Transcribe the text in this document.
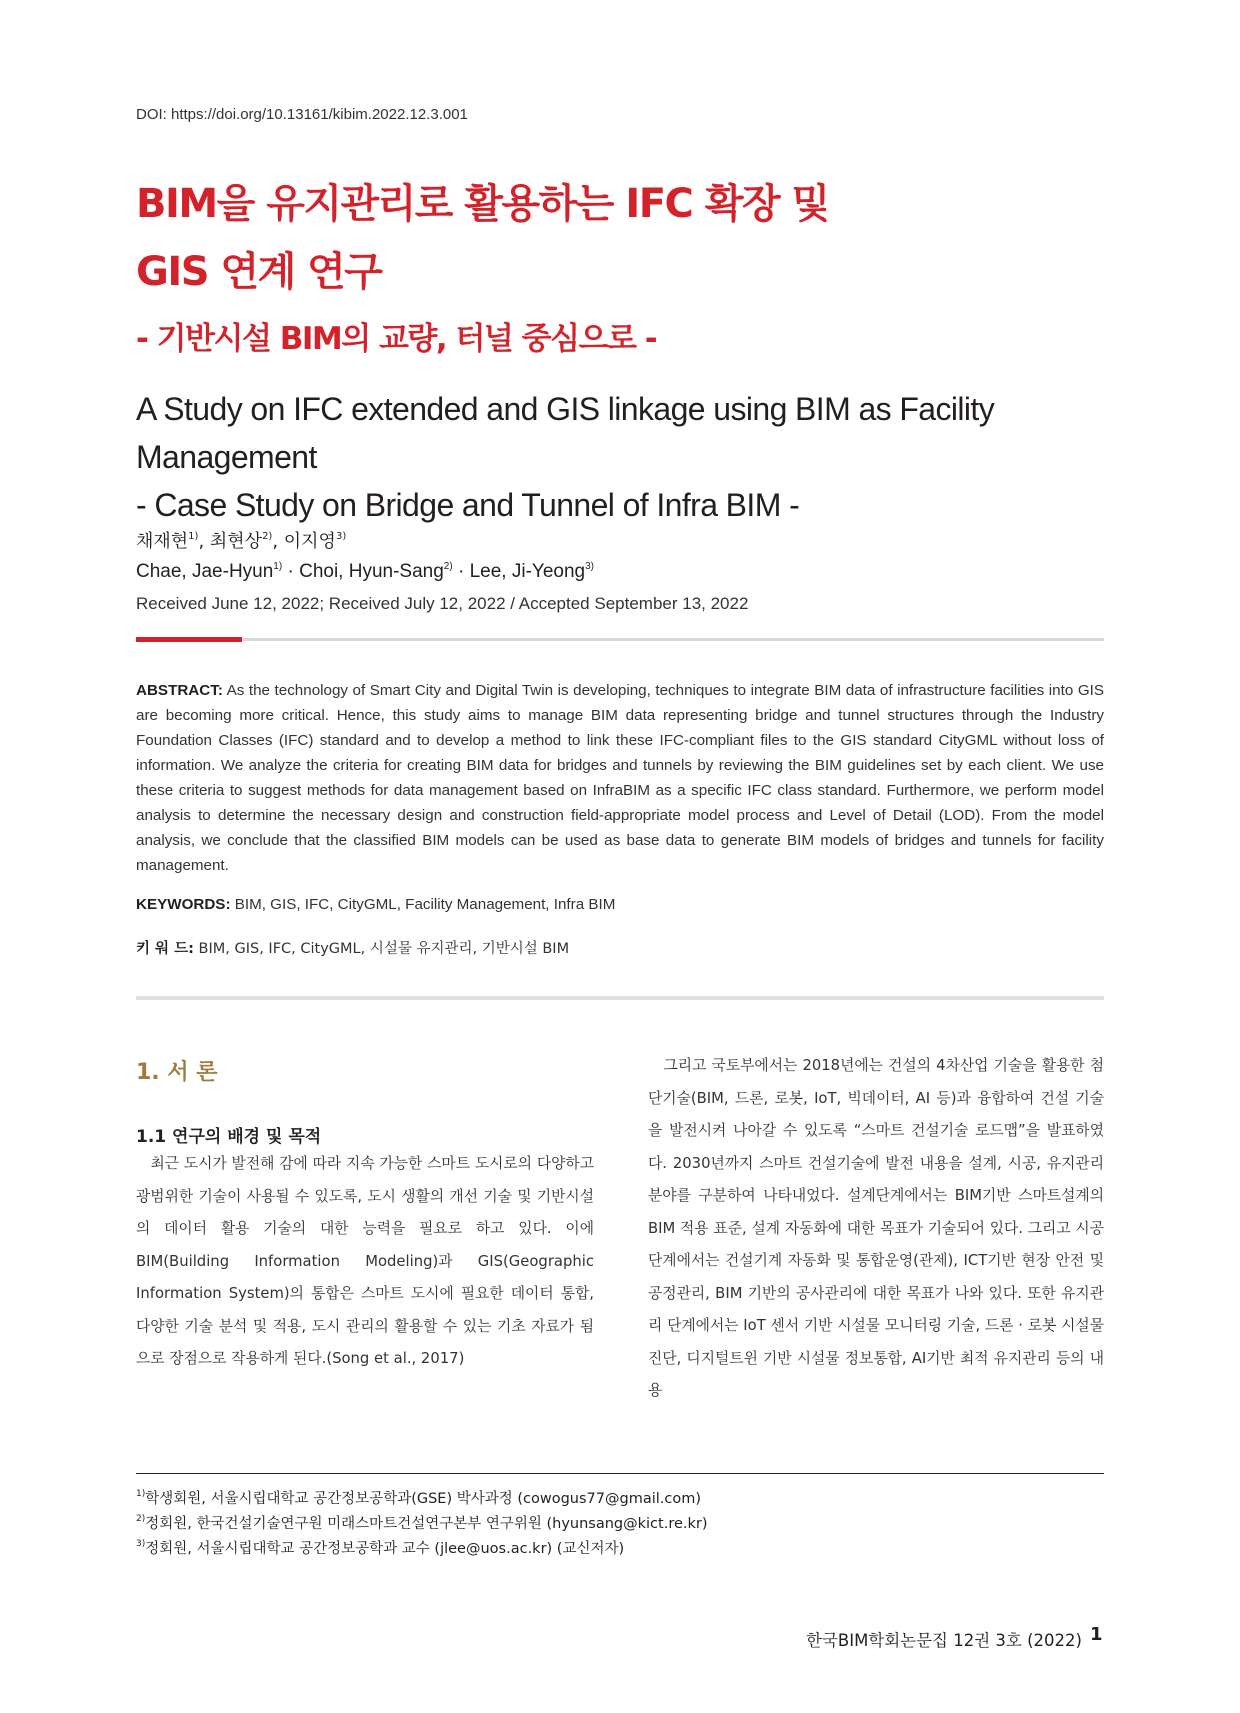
DOI: https://doi.org/10.13161/kibim.2022.12.3.001
BIM을 유지관리로 활용하는 IFC 확장 및
GIS 연계 연구
- 기반시설 BIM의 교량, 터널 중심으로 -
A Study on IFC extended and GIS linkage using BIM as Facility Management
- Case Study on Bridge and Tunnel of Infra BIM -
채재현$^{1)}$, 최현상$^{2)}$, 이지영$^{3)}$
Chae, Jae-Hyun$^{1)}$ · Choi, Hyun-Sang$^{2)}$ · Lee, Ji-Yeong$^{3)}$
Received June 12, 2022; Received July 12, 2022 / Accepted September 13, 2022

ABSTRACT: As the technology of Smart City and Digital Twin is developing, techniques to integrate BIM data of infrastructure facilities into GIS are becoming more critical. Hence, this study aims to manage BIM data representing bridge and tunnel structures through the Industry Foundation Classes (IFC) standard and to develop a method to link these IFC-compliant files to the GIS standard CityGML without loss of information. We analyze the criteria for creating BIM data for bridges and tunnels by reviewing the BIM guidelines set by each client. We use these criteria to suggest methods for data management based on InfraBIM as a specific IFC class standard. Furthermore, we perform model analysis to determine the necessary design and construction field-appropriate model process and Level of Detail (LOD). From the model analysis, we conclude that the classified BIM models can be used as base data to generate BIM models of bridges and tunnels for facility management.

KEYWORDS: BIM, GIS, IFC, CityGML, Facility Management, Infra BIM
키 워 드: BIM, GIS, IFC, CityGML, 시설물 유지관리, 기반시설 BIM
1. 서 론
1.1 연구의 배경 및 목적

최근 도시가 발전해 감에 따라 지속 가능한 스마트 도시로의 다양하고 광범위한 기술이 사용될 수 있도록, 도시 생활의 개선 기술 및 기반시설의 데이터 활용 기술의 대한 능력을 필요로 하고 있다. 이에 BIM(Building Information Modeling)과 GIS(Geographic Information System)의 통합은 스마트 도시에 필요한 데이터 통합, 다양한 기술 분석 및 적용, 도시 관리의 활용할 수 있는 기초 자료가 됨으로 장점으로 작용하게 된다.(Song et al., 2017)

그리고 국토부에서는 2018년에는 건설의 4차산업 기술을 활용한 첨단기술(BIM, 드론, 로봇, IoT, 빅데이터, AI 등)과 융합하여 건설 기술을 발전시켜 나아갈 수 있도록 “스마트 건설기술 로드맵”을 발표하였다. 2030년까지 스마트 건설기술에 발전 내용을 설계, 시공, 유지관리 분야를 구분하여 나타내었다. 설계단계에서는 BIM기반 스마트설계의 BIM 적용 표준, 설계 자동화에 대한 목표가 기술되어 있다. 그리고 시공단계에서는 건설기계 자동화 및 통합운영(관제), ICT기반 현장 안전 및 공정관리, BIM 기반의 공사관리에 대한 목표가 나와 있다. 또한 유지관리 단계에서는 IoT 센서 기반 시설물 모니터링 기술, 드론 · 로봇 시설물 진단, 디지털트윈 기반 시설물 정보통합, AI기반 최적 유지관리 등의 내용

$^{1)}$학생회원, 서울시립대학교 공간정보공학과(GSE) 박사과정 (cowogus77@gmail.com)
$^{2)}$정회원, 한국건설기술연구원 미래스마트건설연구본부 연구위원 (hyunsang@kict.re.kr)
$^{3)}$정회원, 서울시립대학교 공간정보공학과 교수 (jlee@uos.ac.kr) (교신저자)
한국BIM학회논문집 12권 3호 (2022) 1
